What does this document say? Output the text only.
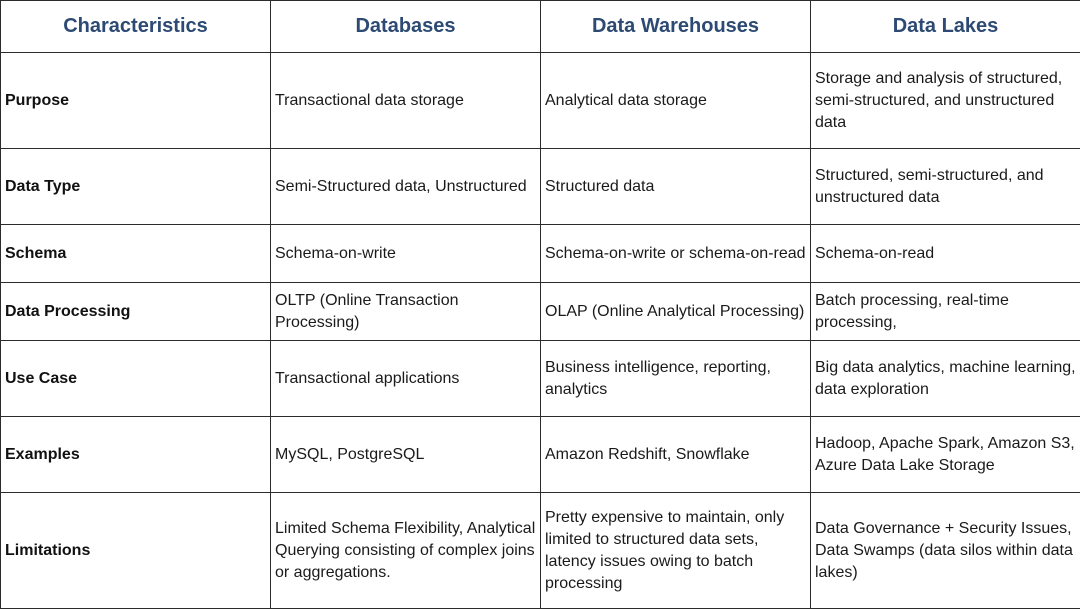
Characteristics	Databases	Data Warehouses	Data Lakes
Purpose	Transactional data storage	Analytical data storage	Storage and analysis of structured, semi-structured, and unstructured data
Data Type	Semi-Structured data, Unstructured	Structured data	Structured, semi-structured, and unstructured data
Schema	Schema-on-write	Schema-on-write or schema-on-read	Schema-on-read
Data Processing	OLTP (Online Transaction Processing)	OLAP (Online Analytical Processing)	Batch processing, real-time processing,
Use Case	Transactional applications	Business intelligence, reporting, analytics	Big data analytics, machine learning, data exploration
Examples	MySQL, PostgreSQL	Amazon Redshift, Snowflake	Hadoop, Apache Spark, Amazon S3, Azure Data Lake Storage
Limitations	Limited Schema Flexibility, Analytical Querying consisting of complex joins or aggregations.	Pretty expensive to maintain, only limited to structured data sets, latency issues owing to batch processing	Data Governance + Security Issues, Data Swamps (data silos within data lakes)
